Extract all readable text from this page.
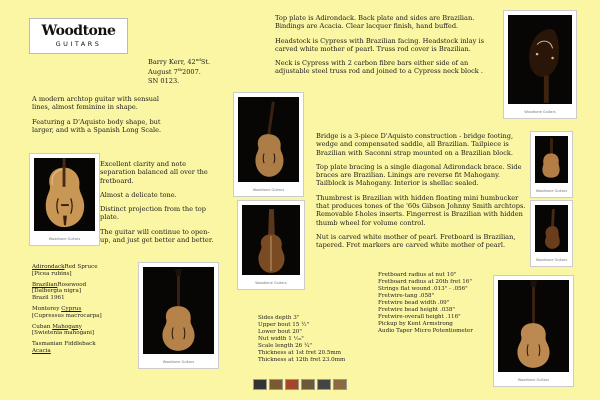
Woodtone
GUITARS
Barry Kerr, 42ndSt.
August 7th2007.
SN 0123.

A modern archtop guitar with sensual lines, almost feminine in shape.

Featuring a D'Aquisto body shape, but larger, and with a Spanish Long Scale.

Woodtone Guitars

Excellent clarity and note separation balanced all over the fretboard.

Almost a delicate tone.

Distinct projection from the top plate.

The guitar will continue to open-up, and just get better and better.

AdirondackRed Spruce
[Picea rubins]
BrazilianRosewood
[Dalbergia nigra]
Brazil 1961
Monterey Cyprus
[Cupressus macrocarpa]
Cuban Mahogany
[Swietenia mahogani]
Tasmanian Fiddleback Acacia
Woodtone Guitars
Woodtone Guitars
Woodtone Guitars

Top plate is Adirondack. Back plate and sides are Brazilian. Bindings are Acacia. Clear lacquer finish, hand buffed.

Headstock is Cypress with Brazilian facing. Headstock inlay is carved white mother of pearl. Truss rod cover is Brazilian.

Neck is Cypress with 2 carbon fibre bars either side of an adjustable steel truss rod and joined to a Cypress neck block .

Woodtone Guitars

Bridge is a 3-piece D'Aquisto construction - bridge footing, wedge and compensated saddle, all Brazilian. Tailpiece is Brazilian with Saconni strap mounted on a Brazilian block.

Top plate bracing is a single diagonal Adirondack brace. Side braces are Brazilian. Linings are reverse fit Mahogany. Tailblock is Mahogany. Interior is shellac sealed.

Thumbrest is Brazilian with hidden floating mini humbucker that produces tones of the '60s Gibson Johnny Smith archtops. Removable f-holes inserts. Fingerrest is Brazilian with hidden thumb wheel for volume control.

Nut is carved white mother of pearl. Fretboard is Brazilian, tapered. Fret markers are carved white mother of pearl.

Woodtone Guitars
Woodtone Guitars
Sides depth 3"
Upper bout 15 ½"
Lower bout 20"
Nut width 1 ¹⁄₁₆"
Scale length 26 ¼"
Thickness at 1st fret 20.5mm
Thickness at 12th fret 23.0mm
Fretboard radius at nut 10"
Fretboard radius at 20th fret 16"
Strings flat wound .013" - .056"
Fretwire-tang .058"
Fretwire bead width .09"
Fretwire bead height .038"
Fretwire-overall height .116"
Pickup by Kent Armstrong
Audio Taper Micro Potentiometer
Woodtone Guitars
